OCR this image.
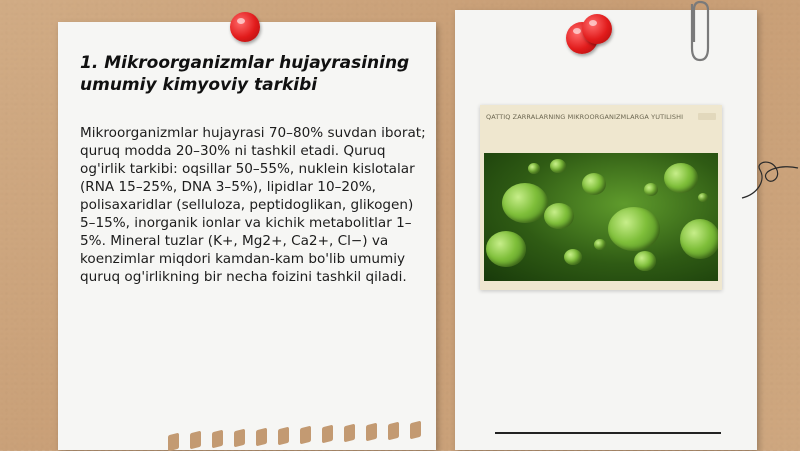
1. Mikroorganizmlar hujayrasining umumiy kimyoviy tarkibi

Mikroorganizmlar hujayrasi 70–80% suvdan iborat; quruq modda 20–30% ni tashkil etadi. Quruq og'irlik tarkibi: oqsillar 50–55%, nuklein kislotalar (RNA 15–25%, DNA 3–5%), lipidlar 10–20%, polisaxaridlar (selluloza, peptidoglikan, glikogen) 5–15%, inorganik ionlar va kichik metabolitlar 1–5%. Mineral tuzlar (K+, Mg2+, Ca2+, Cl−) va koenzimlar miqdori kamdan-kam bo'lib umumiy quruq og'irlikning bir necha foizini tashkil qiladi.

QATTIQ ZARRALARNING MIKROORGANIZMLARGA YUTILISHI
